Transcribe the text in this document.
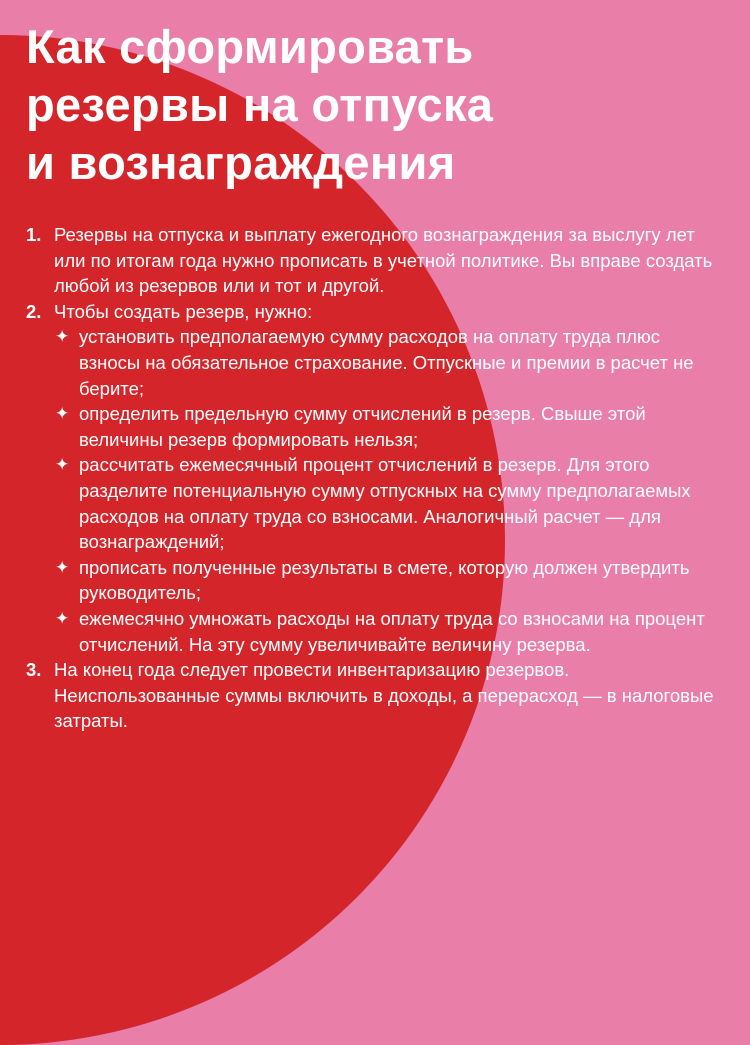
Как сформировать
резервы на отпуска
и вознаграждения
1. Резервы на отпуска и выплату ежегодного вознаграждения за выслугу лет или по итогам года нужно прописать в учетной политике. Вы вправе создать любой из резервов или и тот и другой.
2. Чтобы создать резерв, нужно:
✦ установить предполагаемую сумму расходов на оплату труда плюс взносы на обязательное страхование. Отпускные и премии в расчет не берите;
✦ определить предельную сумму отчислений в резерв. Свыше этой величины резерв формировать нельзя;
✦ рассчитать ежемесячный процент отчислений в резерв. Для этого разделите потенциальную сумму отпускных на сумму предполагаемых расходов на оплату труда со взносами. Аналогичный расчет — для вознаграждений;
✦ прописать полученные результаты в смете, которую должен утвердить руководитель;
✦ ежемесячно умножать расходы на оплату труда со взносами на процент отчислений. На эту сумму увеличивайте величину резерва.
3. На конец года следует провести инвентаризацию резервов. Неиспользованные суммы включить в доходы, а перерасход — в налоговые затраты.
